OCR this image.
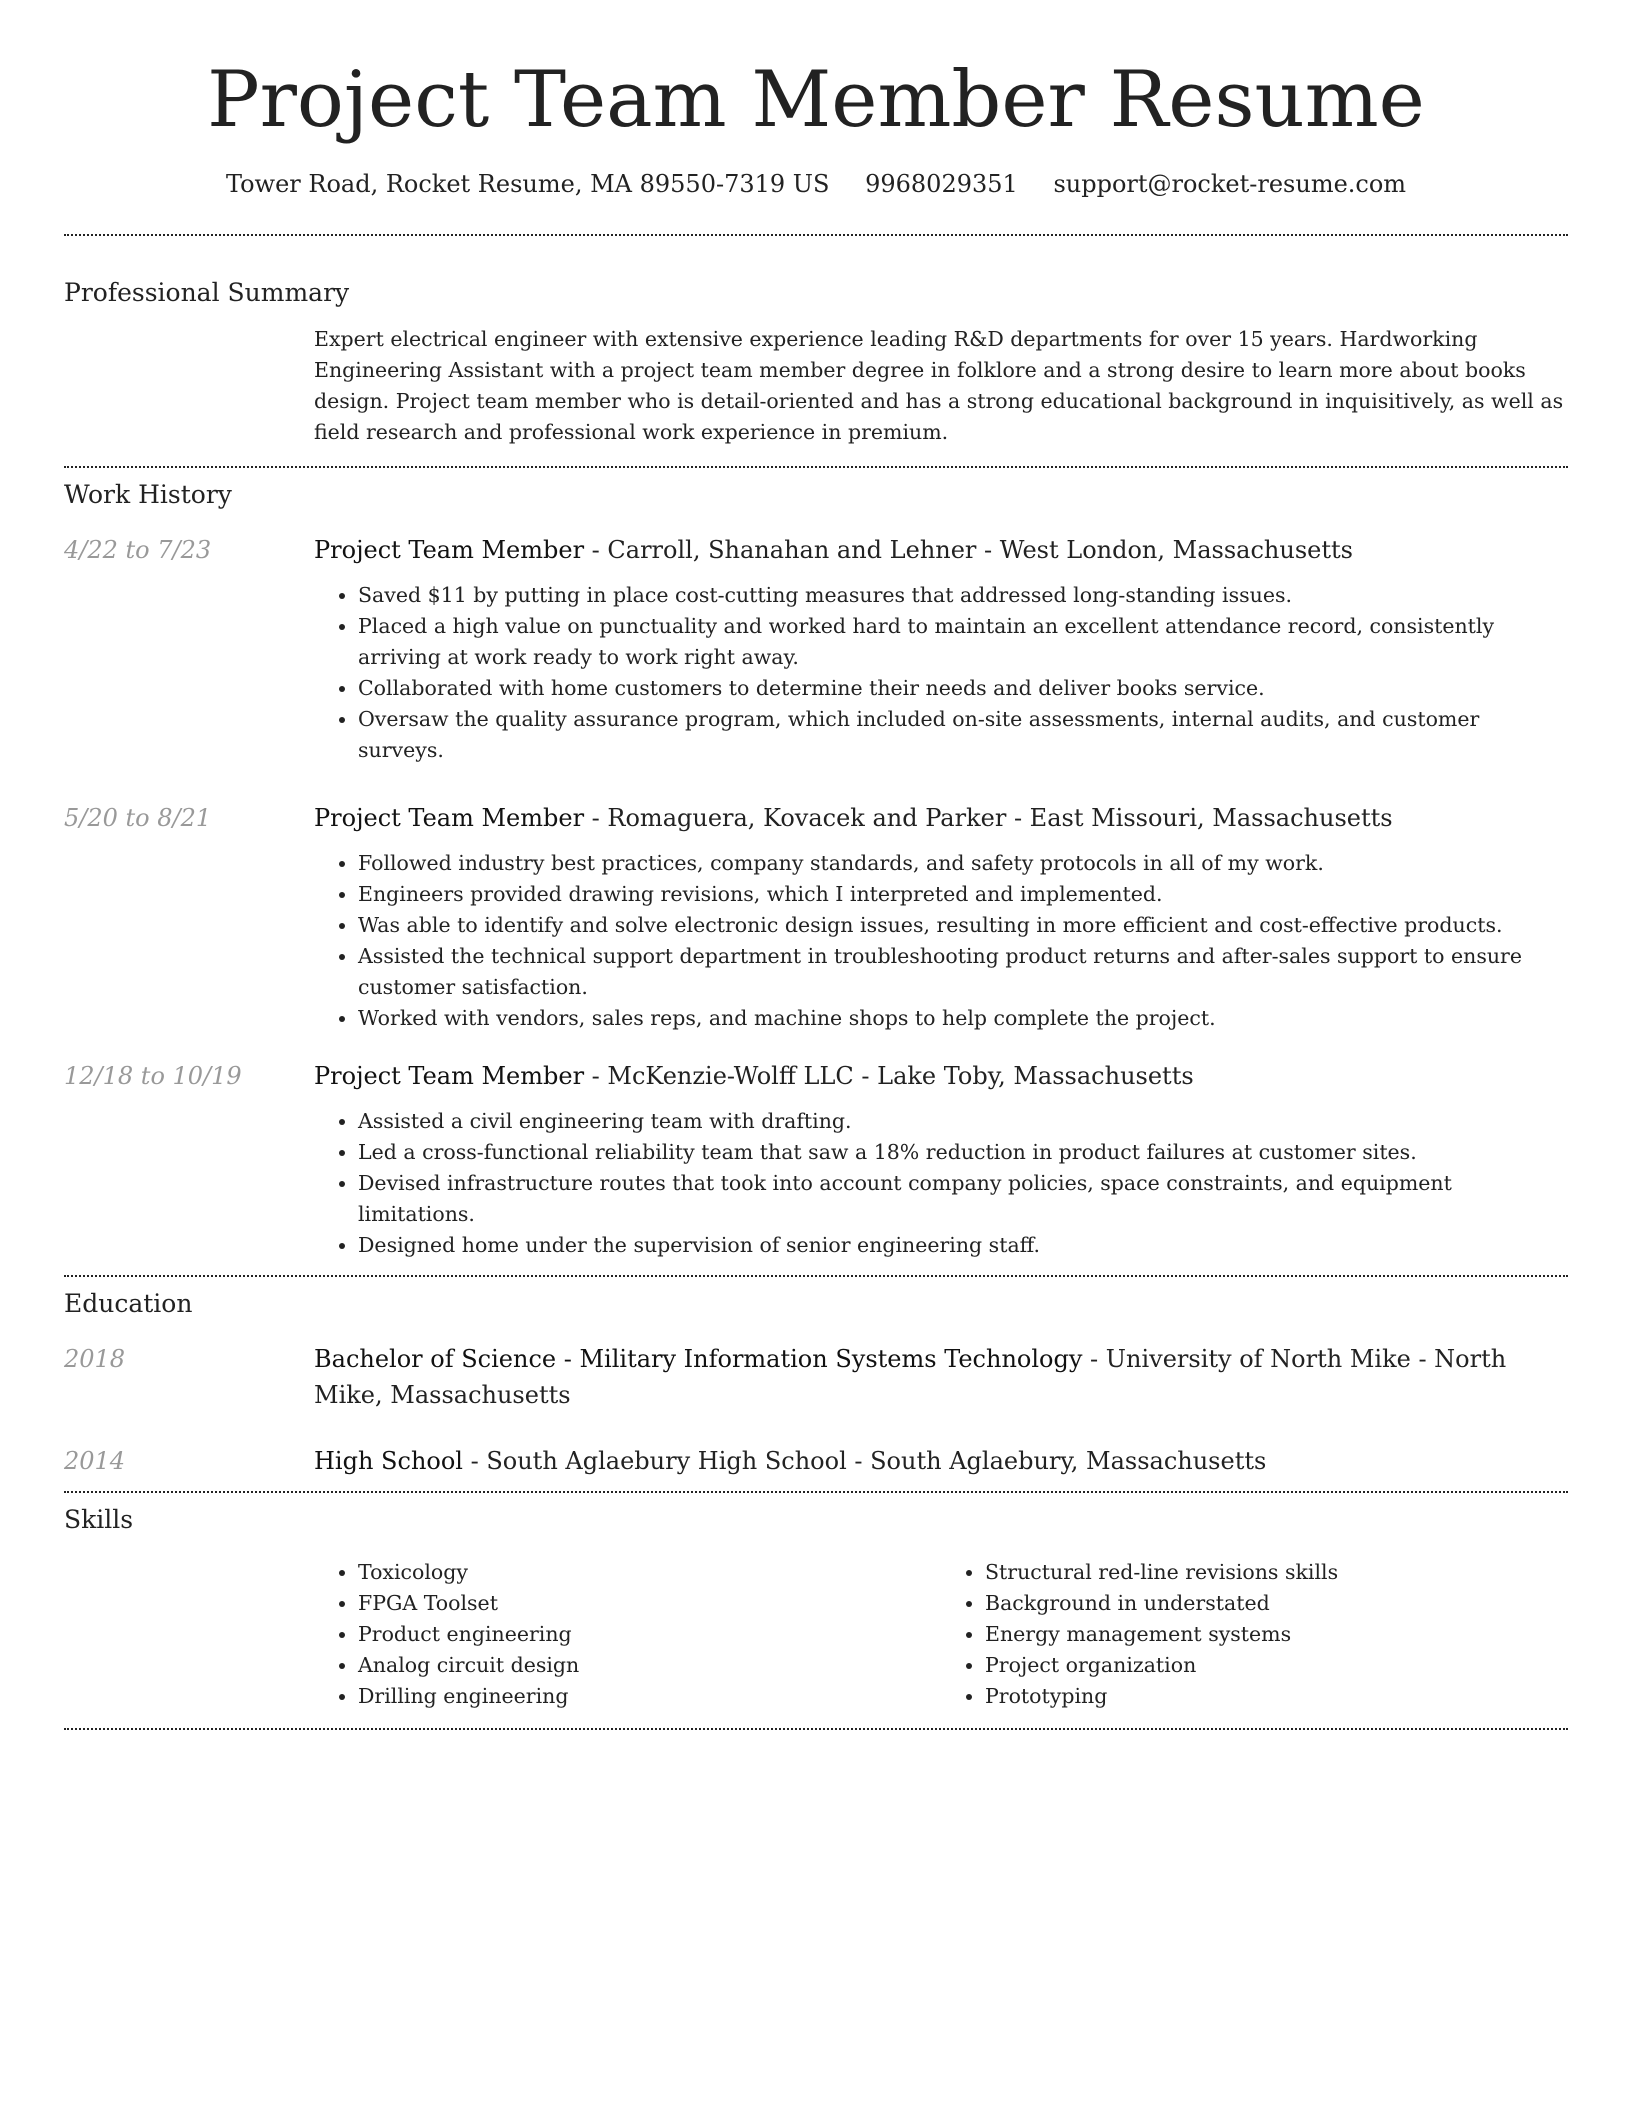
Project Team Member Resume
Tower Road, Rocket Resume, MA 89550-7319 US 9968029351 support@rocket-resume.com
Professional Summary
Expert electrical engineer with extensive experience leading R&D departments for over 15 years. Hardworking Engineering Assistant with a project team member degree in folklore and a strong desire to learn more about books design. Project team member who is detail-oriented and has a strong educational background in inquisitively, as well as field research and professional work experience in premium.
Work History
4/22 to 7/23	Project Team Member - Carroll, Shanahan and Lehner - West London, Massachusetts
• Saved $11 by putting in place cost-cutting measures that addressed long-standing issues.
• Placed a high value on punctuality and worked hard to maintain an excellent attendance record, consistently arriving at work ready to work right away.
• Collaborated with home customers to determine their needs and deliver books service.
• Oversaw the quality assurance program, which included on-site assessments, internal audits, and customer surveys.
5/20 to 8/21	Project Team Member - Romaguera, Kovacek and Parker - East Missouri, Massachusetts
• Followed industry best practices, company standards, and safety protocols in all of my work.
• Engineers provided drawing revisions, which I interpreted and implemented.
• Was able to identify and solve electronic design issues, resulting in more efficient and cost-effective products.
• Assisted the technical support department in troubleshooting product returns and after-sales support to ensure customer satisfaction.
• Worked with vendors, sales reps, and machine shops to help complete the project.
12/18 to 10/19	Project Team Member - McKenzie-Wolff LLC - Lake Toby, Massachusetts
• Assisted a civil engineering team with drafting.
• Led a cross-functional reliability team that saw a 18% reduction in product failures at customer sites.
• Devised infrastructure routes that took into account company policies, space constraints, and equipment limitations.
• Designed home under the supervision of senior engineering staff.
Education
2018	Bachelor of Science - Military Information Systems Technology - University of North Mike - North Mike, Massachusetts
2014	High School - South Aglaebury High School - South Aglaebury, Massachusetts
Skills
• Toxicology
• FPGA Toolset
• Product engineering
• Analog circuit design
• Drilling engineering
• Structural red-line revisions skills
• Background in understated
• Energy management systems
• Project organization
• Prototyping
